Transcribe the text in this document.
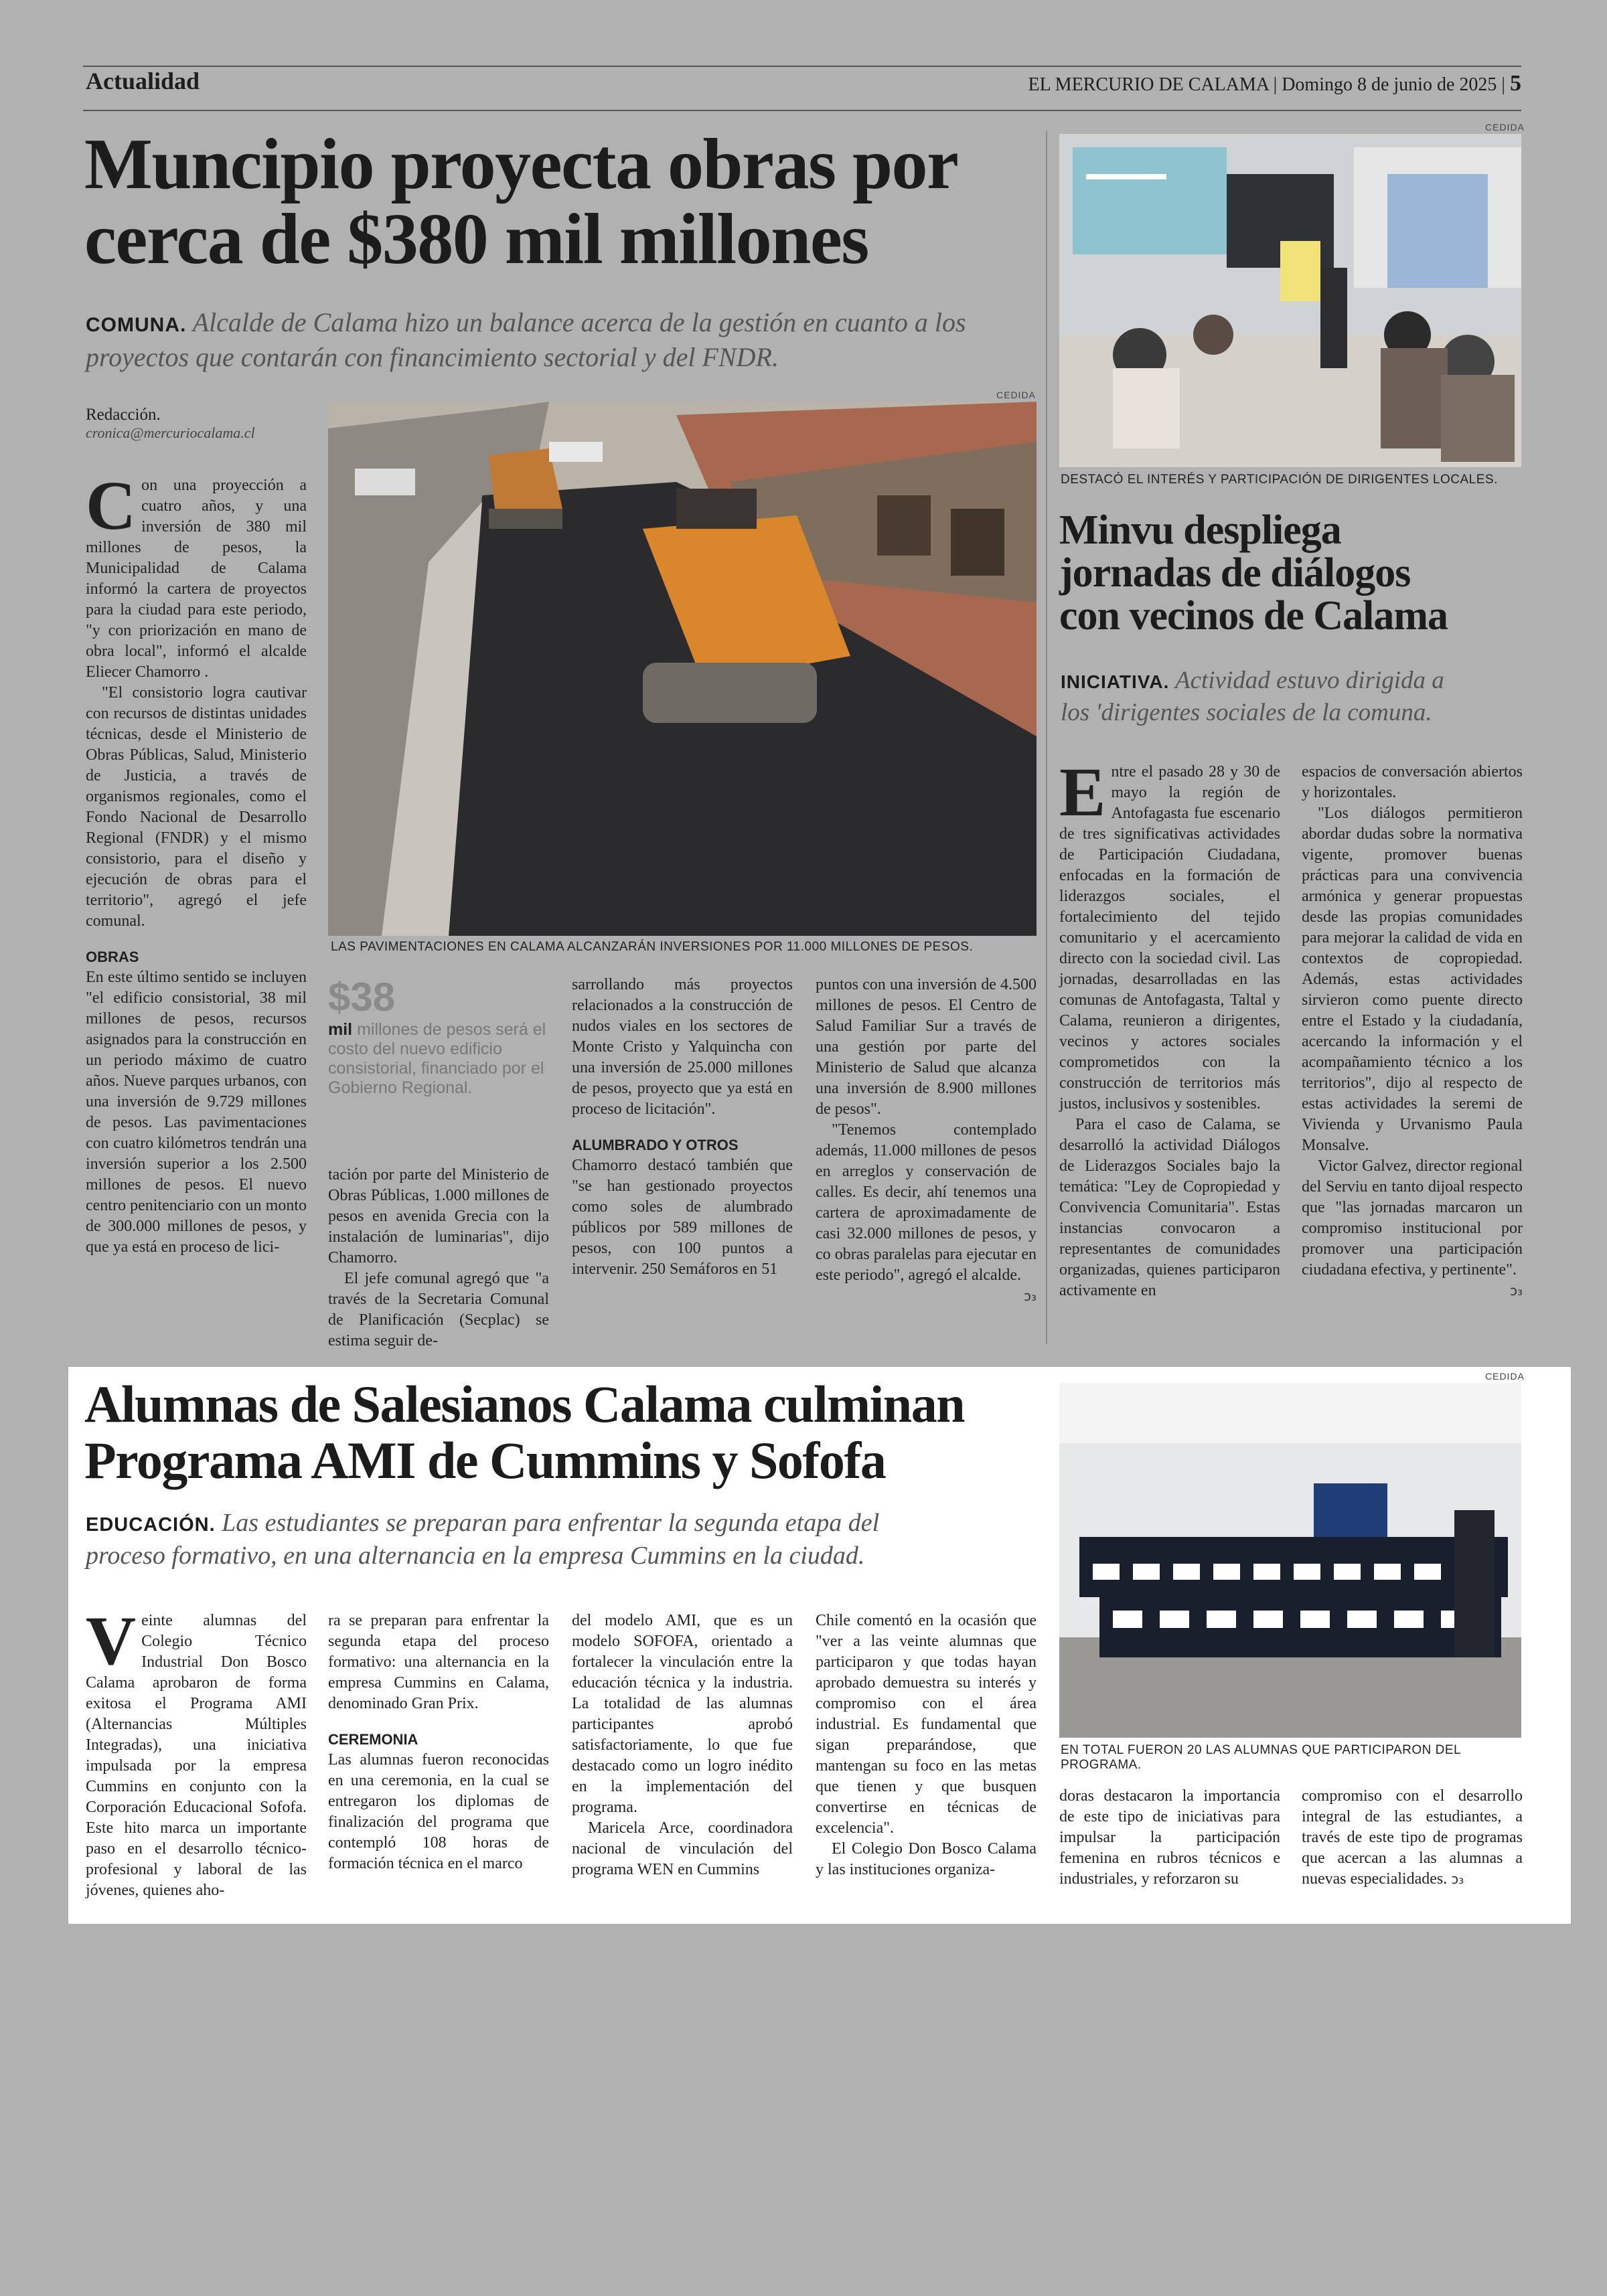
Actualidad	EL MERCURIO DE CALAMA | Domingo 8 de junio de 2025 | 5
Muncipio proyecta obras por
cerca de $380 mil millones
COMUNA. Alcalde de Calama hizo un balance acerca de la gestión en cuanto a los
proyectos que contarán con financimiento sectorial y del FNDR.
Redacción.
cronica@mercuriocalama.cl

Con una proyección a cuatro años, y una inversión de 380 mil millones de pesos, la Municipalidad de Calama informó la cartera de proyectos para la ciudad para este periodo, "y con priorización en mano de obra local", informó el alcalde Eliecer Chamorro .

"El consistorio logra cautivar con recursos de distintas unidades técnicas, desde el Ministerio de Obras Públicas, Salud, Ministerio de Justicia, a través de organismos regionales, como el Fondo Nacional de Desarrollo Regional (FNDR) y el mismo consistorio, para el diseño y ejecución de obras para el territorio", agregó el jefe comunal.

OBRAS

En este último sentido se incluyen "el edificio consistorial, 38 mil millones de pesos, recursos asignados para la construcción en un periodo máximo de cuatro años. Nueve parques urbanos, con una inversión de 9.729 millones de pesos. Las pavimentaciones con cuatro kilómetros tendrán una inversión superior a los 2.500 millones de pesos. El nuevo centro penitenciario con un monto de 300.000 millones de pesos, y que ya está en proceso de lici-

CEDIDA
LAS PAVIMENTACIONES EN CALAMA ALCANZARÁN INVERSIONES POR 11.000 MILLONES DE PESOS.
$38
mil millones de pesos será el costo del nuevo edificio consistorial, financiado por el Gobierno Regional.

tación por parte del Ministerio de Obras Públicas, 1.000 millones de pesos en avenida Grecia con la instalación de luminarias", dijo Chamorro.

El jefe comunal agregó que "a través de la Secretaria Comunal de Planificación (Secplac) se estima seguir de-

sarrollando más proyectos relacionados a la construcción de nudos viales en los sectores de Monte Cristo y Yalquincha con una inversión de 25.000 millones de pesos, proyecto que ya está en proceso de licitación".

ALUMBRADO Y OTROS

Chamorro destacó también que "se han gestionado proyectos como soles de alumbrado públicos por 589 millones de pesos, con 100 puntos a intervenir. 250 Semáforos en 51

puntos con una inversión de 4.500 millones de pesos. El Centro de Salud Familiar Sur a través de una gestión por parte del Ministerio de Salud que alcanza una inversión de 8.900 millones de pesos".

"Tenemos contemplado además, 11.000 millones de pesos en arreglos y conservación de calles. Es decir, ahí tenemos una cartera de aproximadamente de casi 32.000 millones de pesos, y co obras paralelas para ejecutar en este periodo", agregó el alcalde.

ɔ₃
CEDIDA
DESTACÓ EL INTERÉS Y PARTICIPACIÓN DE DIRIGENTES LOCALES.
Minvu despliega
jornadas de diálogos
con vecinos de Calama
INICIATIVA. Actividad estuvo dirigida a
los 'dirigentes sociales de la comuna.

Entre el pasado 28 y 30 de mayo la región de Antofagasta fue escenario de tres significativas actividades de Participación Ciudadana, enfocadas en la formación de liderazgos sociales, el fortalecimiento del tejido comunitario y el acercamiento directo con la sociedad civil. Las jornadas, desarrolladas en las comunas de Antofagasta, Taltal y Calama, reunieron a dirigentes, vecinos y actores sociales comprometidos con la construcción de territorios más justos, inclusivos y sostenibles.

Para el caso de Calama, se desarrolló la actividad Diálogos de Liderazgos Sociales bajo la temática: "Ley de Copropiedad y Convivencia Comunitaria". Estas instancias convocaron a representantes de comunidades organizadas, quienes participaron activamente en

espacios de conversación abiertos y horizontales.

"Los diálogos permitieron abordar dudas sobre la normativa vigente, promover buenas prácticas para una convivencia armónica y generar propuestas desde las propias comunidades para mejorar la calidad de vida en contextos de copropiedad. Además, estas actividades sirvieron como puente directo entre el Estado y la ciudadanía, acercando la información y el acompañamiento técnico a los territorios", dijo al respecto de estas actividades la seremi de Vivienda y Urvanismo Paula Monsalve.

Victor Galvez, director regional del Serviu en tanto dijoal respecto que "las jornadas marcaron un compromiso institucional por promover una participación ciudadana efectiva, y pertinente".

ɔ₃
Alumnas de Salesianos Calama culminan
Programa AMI de Cummins y Sofofa
EDUCACIÓN. Las estudiantes se preparan para enfrentar la segunda etapa del
proceso formativo, en una alternancia en la empresa Cummins en la ciudad.

Veinte alumnas del Colegio Técnico Industrial Don Bosco Calama aprobaron de forma exitosa el Programa AMI (Alternancias Múltiples Integradas), una iniciativa impulsada por la empresa Cummins en conjunto con la Corporación Educacional Sofofa. Este hito marca un importante paso en el desarrollo técnico-profesional y laboral de las jóvenes, quienes aho-

ra se preparan para enfrentar la segunda etapa del proceso formativo: una alternancia en la empresa Cummins en Calama, denominado Gran Prix.

CEREMONIA

Las alumnas fueron reconocidas en una ceremonia, en la cual se entregaron los diplomas de finalización del programa que contempló 108 horas de formación técnica en el marco

del modelo AMI, que es un modelo SOFOFA, orientado a fortalecer la vinculación entre la educación técnica y la industria. La totalidad de las alumnas participantes aprobó satisfactoriamente, lo que fue destacado como un logro inédito en la implementación del programa.

Maricela Arce, coordinadora nacional de vinculación del programa WEN en Cummins

Chile comentó en la ocasión que "ver a las veinte alumnas que participaron y que todas hayan aprobado demuestra su interés y compromiso con el área industrial. Es fundamental que sigan preparándose, que mantengan su foco en las metas que tienen y que busquen convertirse en técnicas de excelencia".

El Colegio Don Bosco Calama y las instituciones organiza-

CEDIDA
EN TOTAL FUERON 20 LAS ALUMNAS QUE PARTICIPARON DEL PROGRAMA.

doras destacaron la importancia de este tipo de iniciativas para impulsar la participación femenina en rubros técnicos e industriales, y reforzaron su

compromiso con el desarrollo integral de las estudiantes, a través de este tipo de programas que acercan a las alumnas a nuevas especialidades. ɔ₃
